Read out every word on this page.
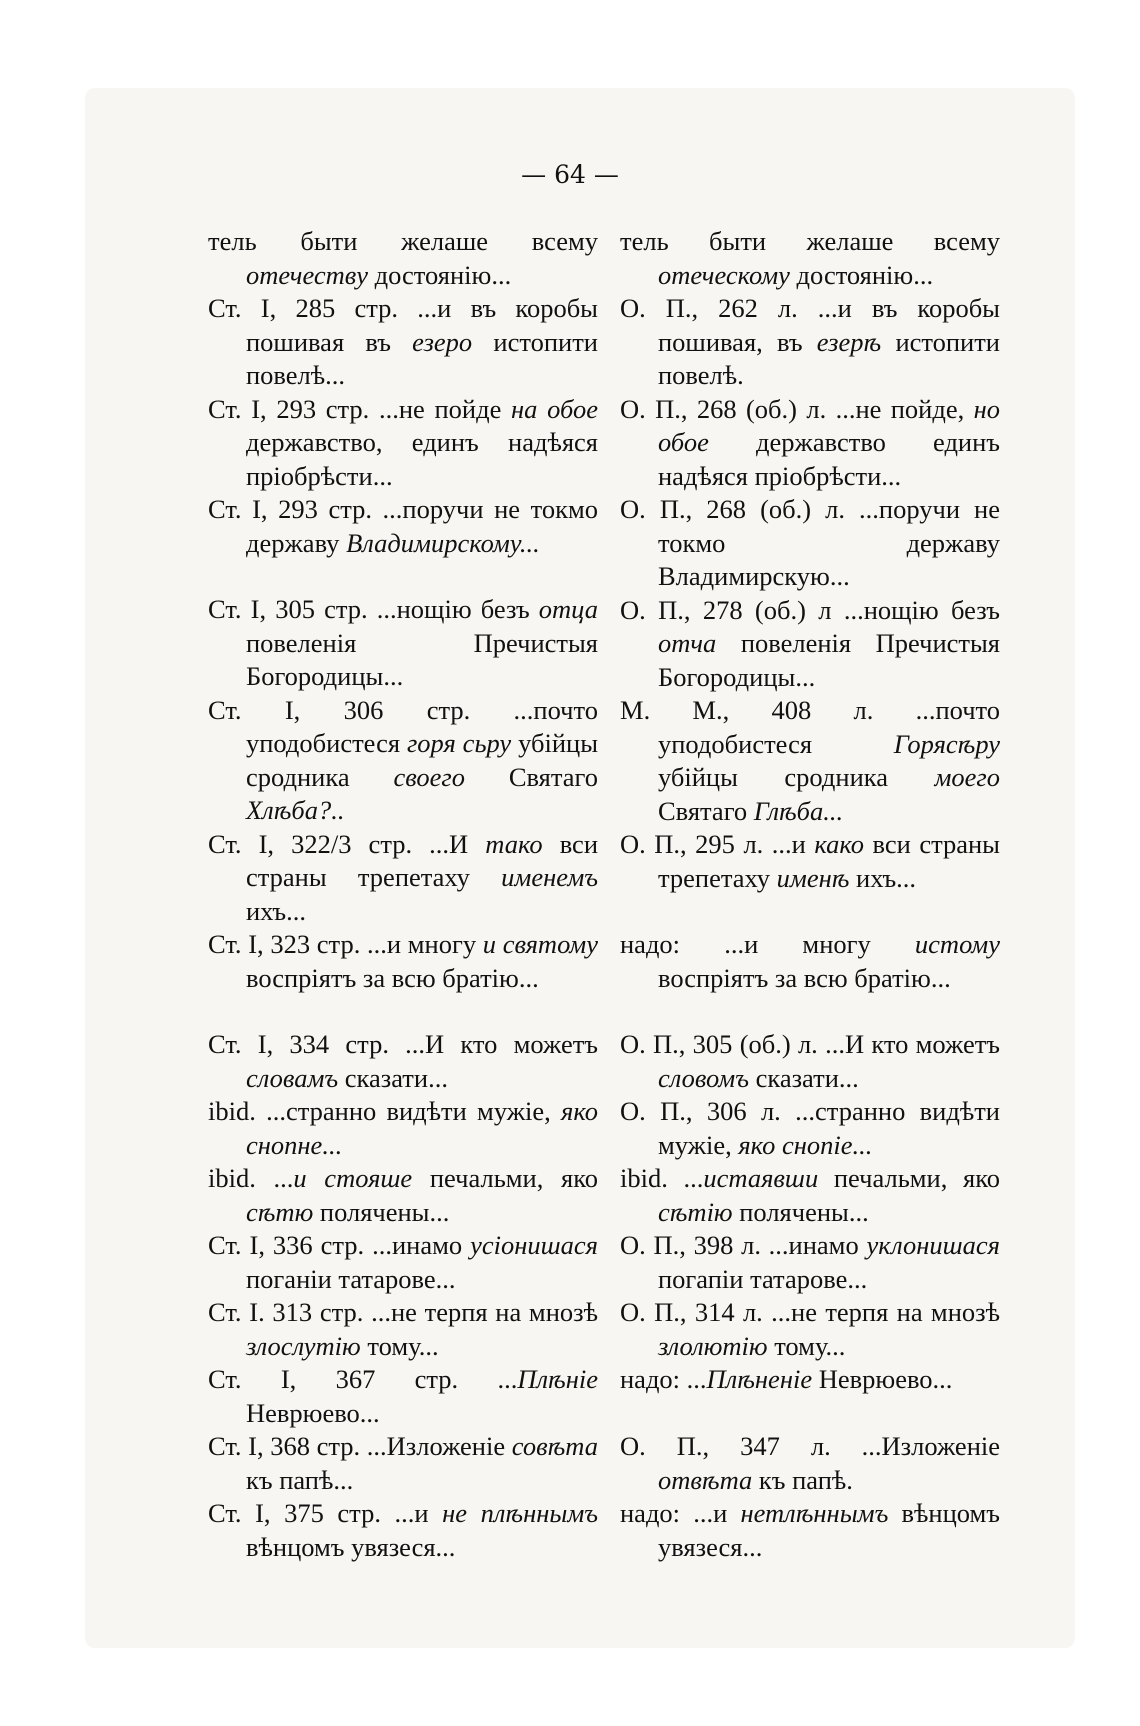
— 64 —
тель быти желаше всему отечеству достоянію...
Ст. I, 285 стр. ...и въ коробы пошивая въ езеро истопити повелѣ...
Ст. I, 293 стр. ...не пойде на обое державство, единъ надѣяся пріобрѣсти...
Ст. I, 293 стр. ...поручи не токмо державу Владимирскому...
Ст. I, 305 стр. ...нощію безъ отца повеленія Пречистыя Богородицы...
Ст. I, 306 стр. ...почто уподобистеся горя сьру убійцы сродника своего Святаго Хлѣба?..
Ст. I, 322/3 стр. ...И тако вси страны трепетаху именемъ ихъ...
Ст. I, 323 стр. ...и многу и святому воспріятъ за всю братію...
Ст. I, 334 стр. ...И кто можетъ словамъ сказати...
ibid. ...странно видѣти мужіе, яко снопне...
ibid. ...и стояше печальми, яко сѣтю полячены...
Ст. I, 336 стр. ...инамо усіонишася поганіи татарове...
Ст. I. 313 стр. ...не терпя на мнозѣ злослутію тому...
Ст. I, 367 стр. ...Плѣніе Неврюево...
Ст. I, 368 стр. ...Изложеніе совѣта къ папѣ...
Ст. I, 375 стр. ...и не плѣннымъ вѣнцомъ увязеся...
тель быти желаше всему отеческому достоянію...
О. П., 262 л. ...и въ коробы пошивая, въ езерѣ истопити повелѣ.
О. П., 268 (об.) л. ...не пойде, но обое державство единъ надѣяся пріобрѣсти...
О. П., 268 (об.) л. ...поручи не токмо державу Владимирскую...
О. П., 278 (об.) л ...нощію безъ отча повеленія Пречистыя Богородицы...
М. М., 408 л. ...почто уподобистеся Горясѣру убійцы сродника моего Святаго Глѣба...
О. П., 295 л. ...и како вси страны трепетаху именѣ ихъ...
надо: ...и многу истому воспріятъ за всю братію...
О. П., 305 (об.) л. ...И кто можетъ словомъ сказати...
О. П., 306 л. ...странно видѣти мужіе, яко снопіе...
ibid. ...истаявши печальми, яко сѣтію полячены...
О. П., 398 л. ...инамо уклонишася погапіи татарове...
О. П., 314 л. ...не терпя на мнозѣ злолютію тому...
надо: ...Плѣненіе Неврюево...
О. П., 347 л. ...Изложеніе отвѣта къ папѣ.
надо: ...и нетлѣннымъ вѣнцомъ увязеся...
